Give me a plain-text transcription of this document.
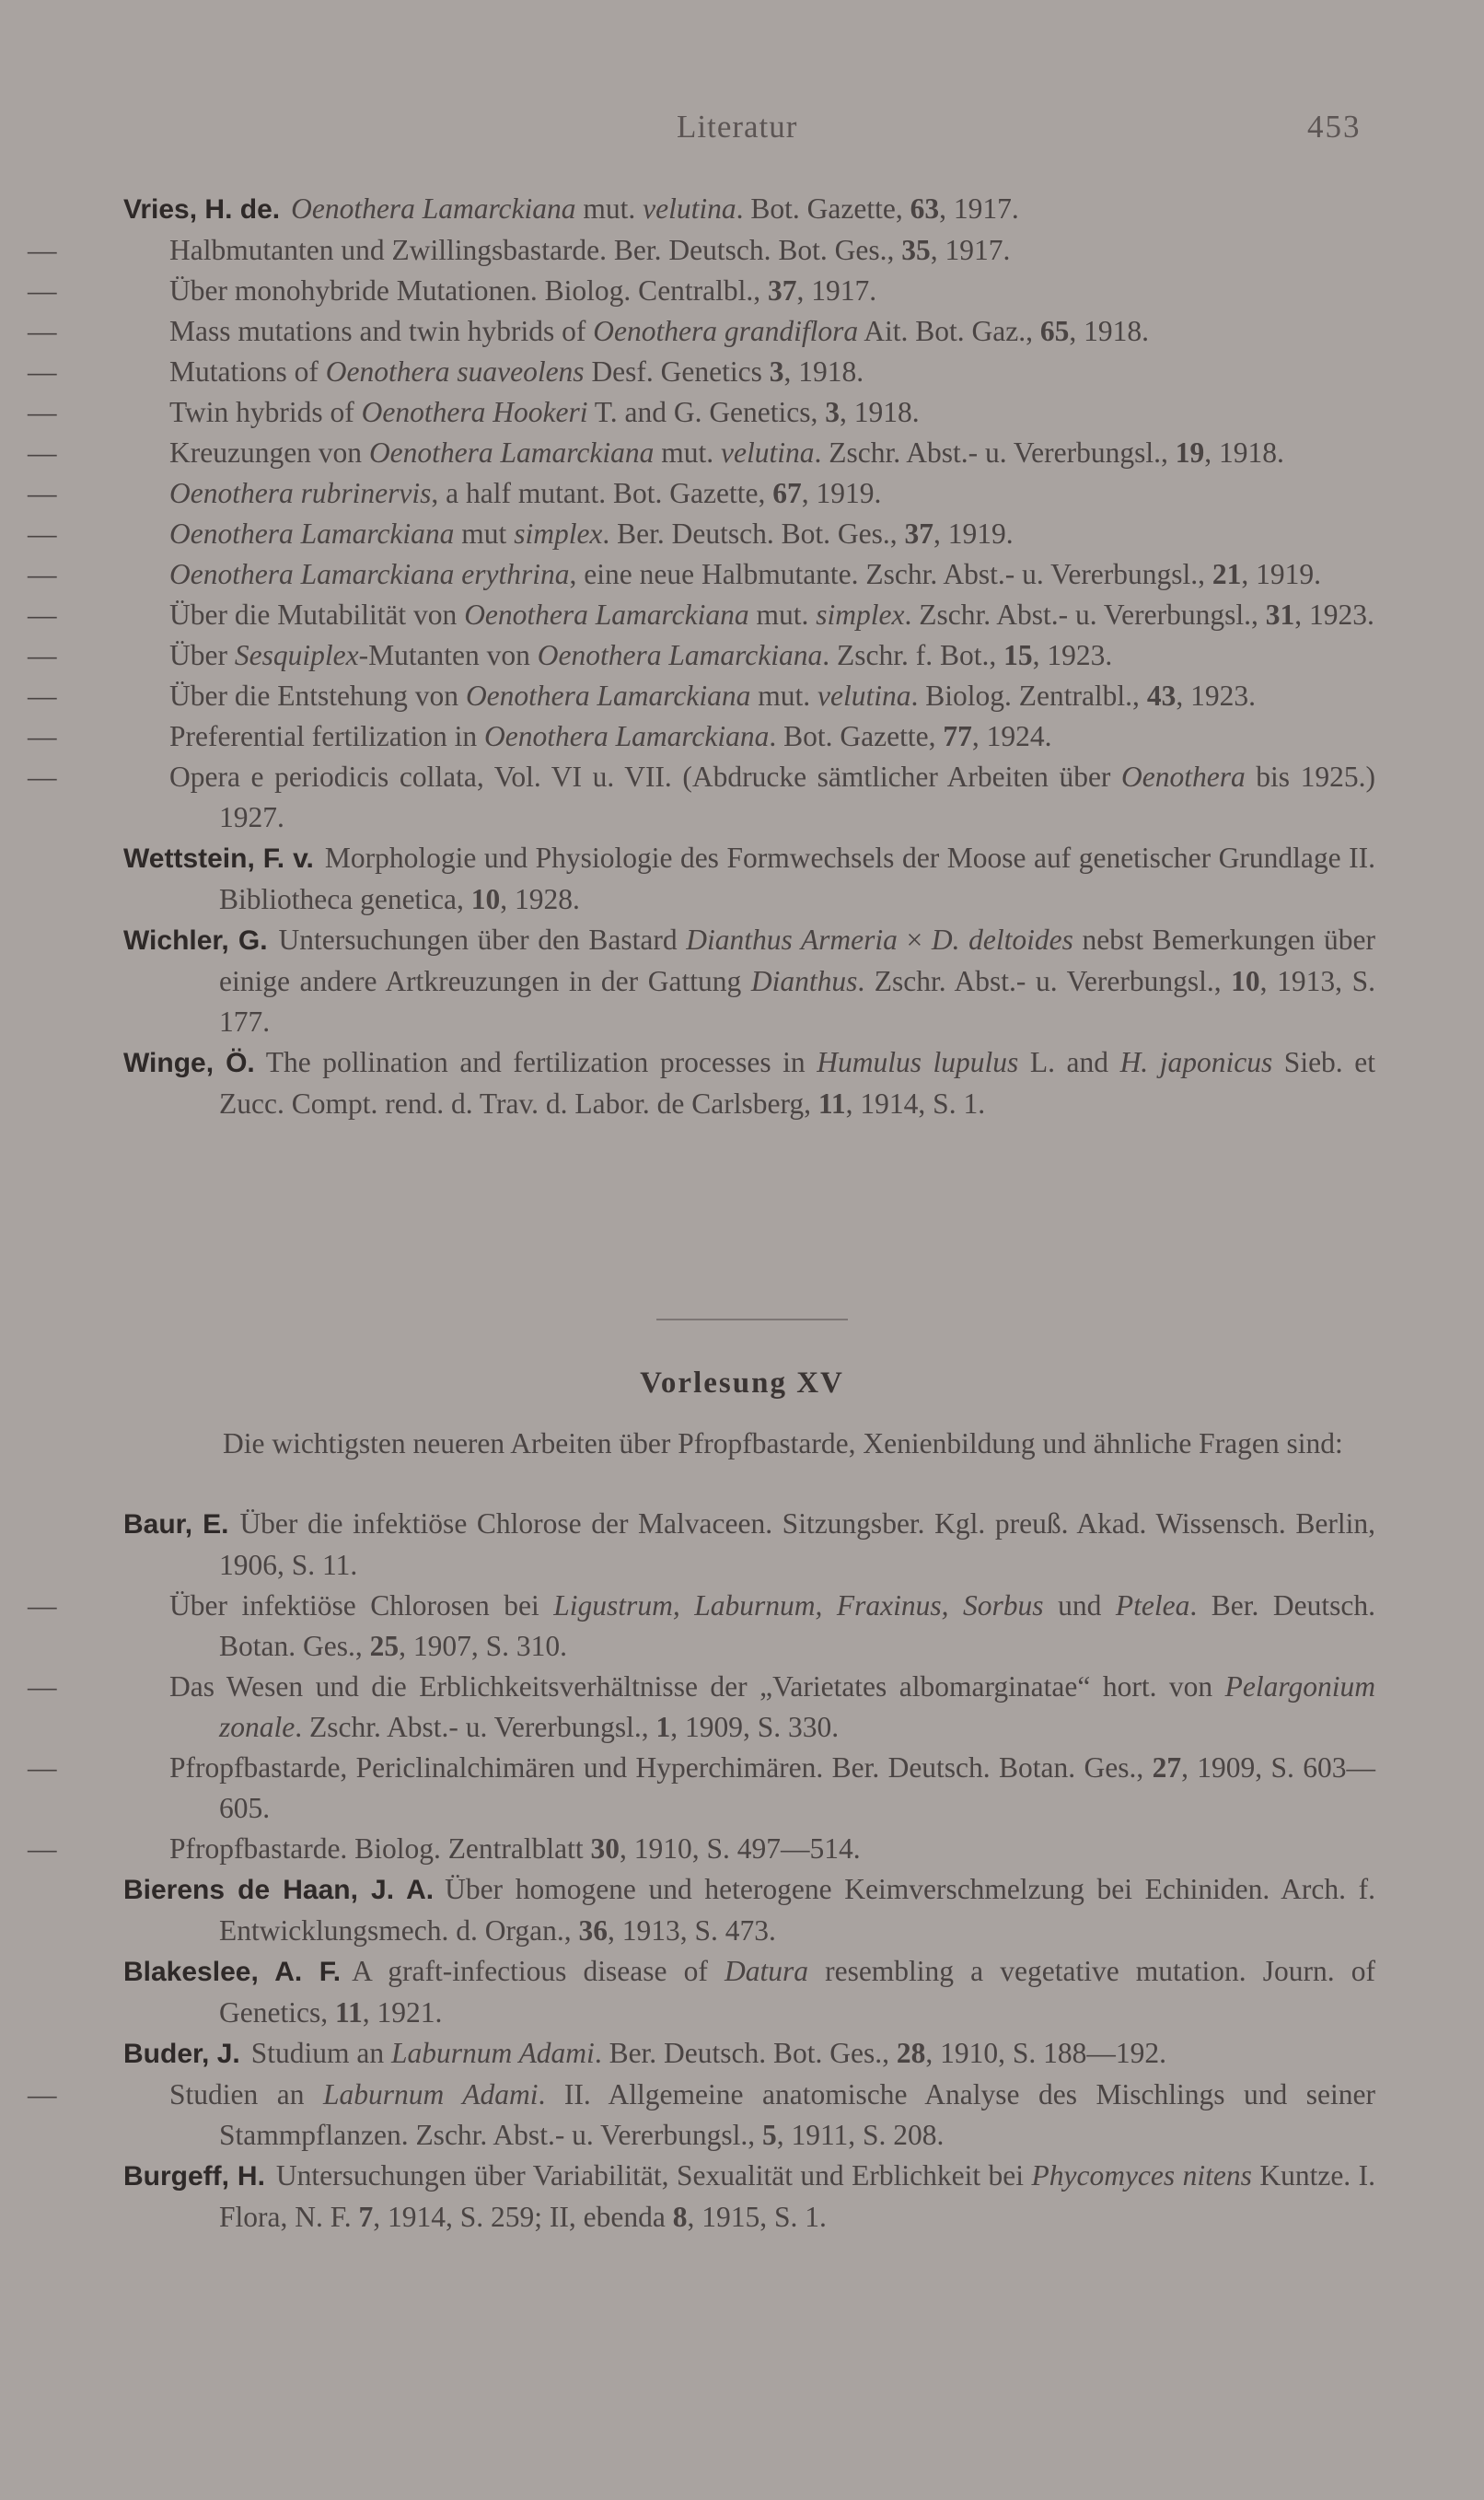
Literatur	453
Vries, H. de. Oenothera Lamarckiana mut. velutina. Bot. Gazette, 63, 1917.
—	Halbmutanten und Zwillingsbastarde. Ber. Deutsch. Bot. Ges., 35, 1917.
—	Über monohybride Mutationen. Biolog. Centralbl., 37, 1917.
—	Mass mutations and twin hybrids of Oenothera grandiflora Ait. Bot. Gaz., 65, 1918.
—	Mutations of Oenothera suaveolens Desf. Genetics 3, 1918.
—	Twin hybrids of Oenothera Hookeri T. and G. Genetics, 3, 1918.
—	Kreuzungen von Oenothera Lamarckiana mut. velutina. Zschr. Abst.- u. Vererbungsl., 19, 1918.
—	Oenothera rubrinervis, a half mutant. Bot. Gazette, 67, 1919.
—	Oenothera Lamarckiana mut simplex. Ber. Deutsch. Bot. Ges., 37, 1919.
—	Oenothera Lamarckiana erythrina, eine neue Halbmutante. Zschr. Abst.- u. Vererbungsl., 21, 1919.
—	Über die Mutabilität von Oenothera Lamarckiana mut. simplex. Zschr. Abst.- u. Vererbungsl., 31, 1923.
—	Über Sesquiplex-Mutanten von Oenothera Lamarckiana. Zschr. f. Bot., 15, 1923.
—	Über die Entstehung von Oenothera Lamarckiana mut. velutina. Biolog. Zentralbl., 43, 1923.
—	Preferential fertilization in Oenothera Lamarckiana. Bot. Gazette, 77, 1924.
—	Opera e periodicis collata, Vol. VI u. VII. (Abdrucke sämtlicher Arbeiten über Oenothera bis 1925.) 1927.
Wettstein, F. v. Morphologie und Physiologie des Formwechsels der Moose auf genetischer Grundlage II. Bibliotheca genetica, 10, 1928.
Wichler, G. Untersuchungen über den Bastard Dianthus Armeria × D. deltoides nebst Bemerkungen über einige andere Artkreuzungen in der Gattung Dianthus. Zschr. Abst.- u. Vererbungsl., 10, 1913, S. 177.
Winge, Ö. The pollination and fertilization processes in Humulus lupulus L. and H. japonicus Sieb. et Zucc. Compt. rend. d. Trav. d. Labor. de Carlsberg, 11, 1914, S. 1.
Vorlesung XV
Die wichtigsten neueren Arbeiten über Pfropfbastarde, Xenienbildung und ähnliche Fragen sind:
Baur, E. Über die infektiöse Chlorose der Malvaceen. Sitzungsber. Kgl. preuß. Akad. Wissensch. Berlin, 1906, S. 11.
—	Über infektiöse Chlorosen bei Ligustrum, Laburnum, Fraxinus, Sorbus und Ptelea. Ber. Deutsch. Botan. Ges., 25, 1907, S. 310.
—	Das Wesen und die Erblichkeitsverhältnisse der „Varietates albomarginatae“ hort. von Pelargonium zonale. Zschr. Abst.- u. Vererbungsl., 1, 1909, S. 330.
—	Pfropfbastarde, Periclinalchimären und Hyperchimären. Ber. Deutsch. Botan. Ges., 27, 1909, S. 603—605.
—	Pfropfbastarde. Biolog. Zentralblatt 30, 1910, S. 497—514.
Bierens de Haan, J. A. Über homogene und heterogene Keimverschmelzung bei Echiniden. Arch. f. Entwicklungsmech. d. Organ., 36, 1913, S. 473.
Blakeslee, A. F. A graft-infectious disease of Datura resembling a vegetative mutation. Journ. of Genetics, 11, 1921.
Buder, J. Studium an Laburnum Adami. Ber. Deutsch. Bot. Ges., 28, 1910, S. 188—192.
—	Studien an Laburnum Adami. II. Allgemeine anatomische Analyse des Mischlings und seiner Stammpflanzen. Zschr. Abst.- u. Vererbungsl., 5, 1911, S. 208.
Burgeff, H. Untersuchungen über Variabilität, Sexualität und Erblichkeit bei Phycomyces nitens Kuntze. I. Flora, N. F. 7, 1914, S. 259; II, ebenda 8, 1915, S. 1.
